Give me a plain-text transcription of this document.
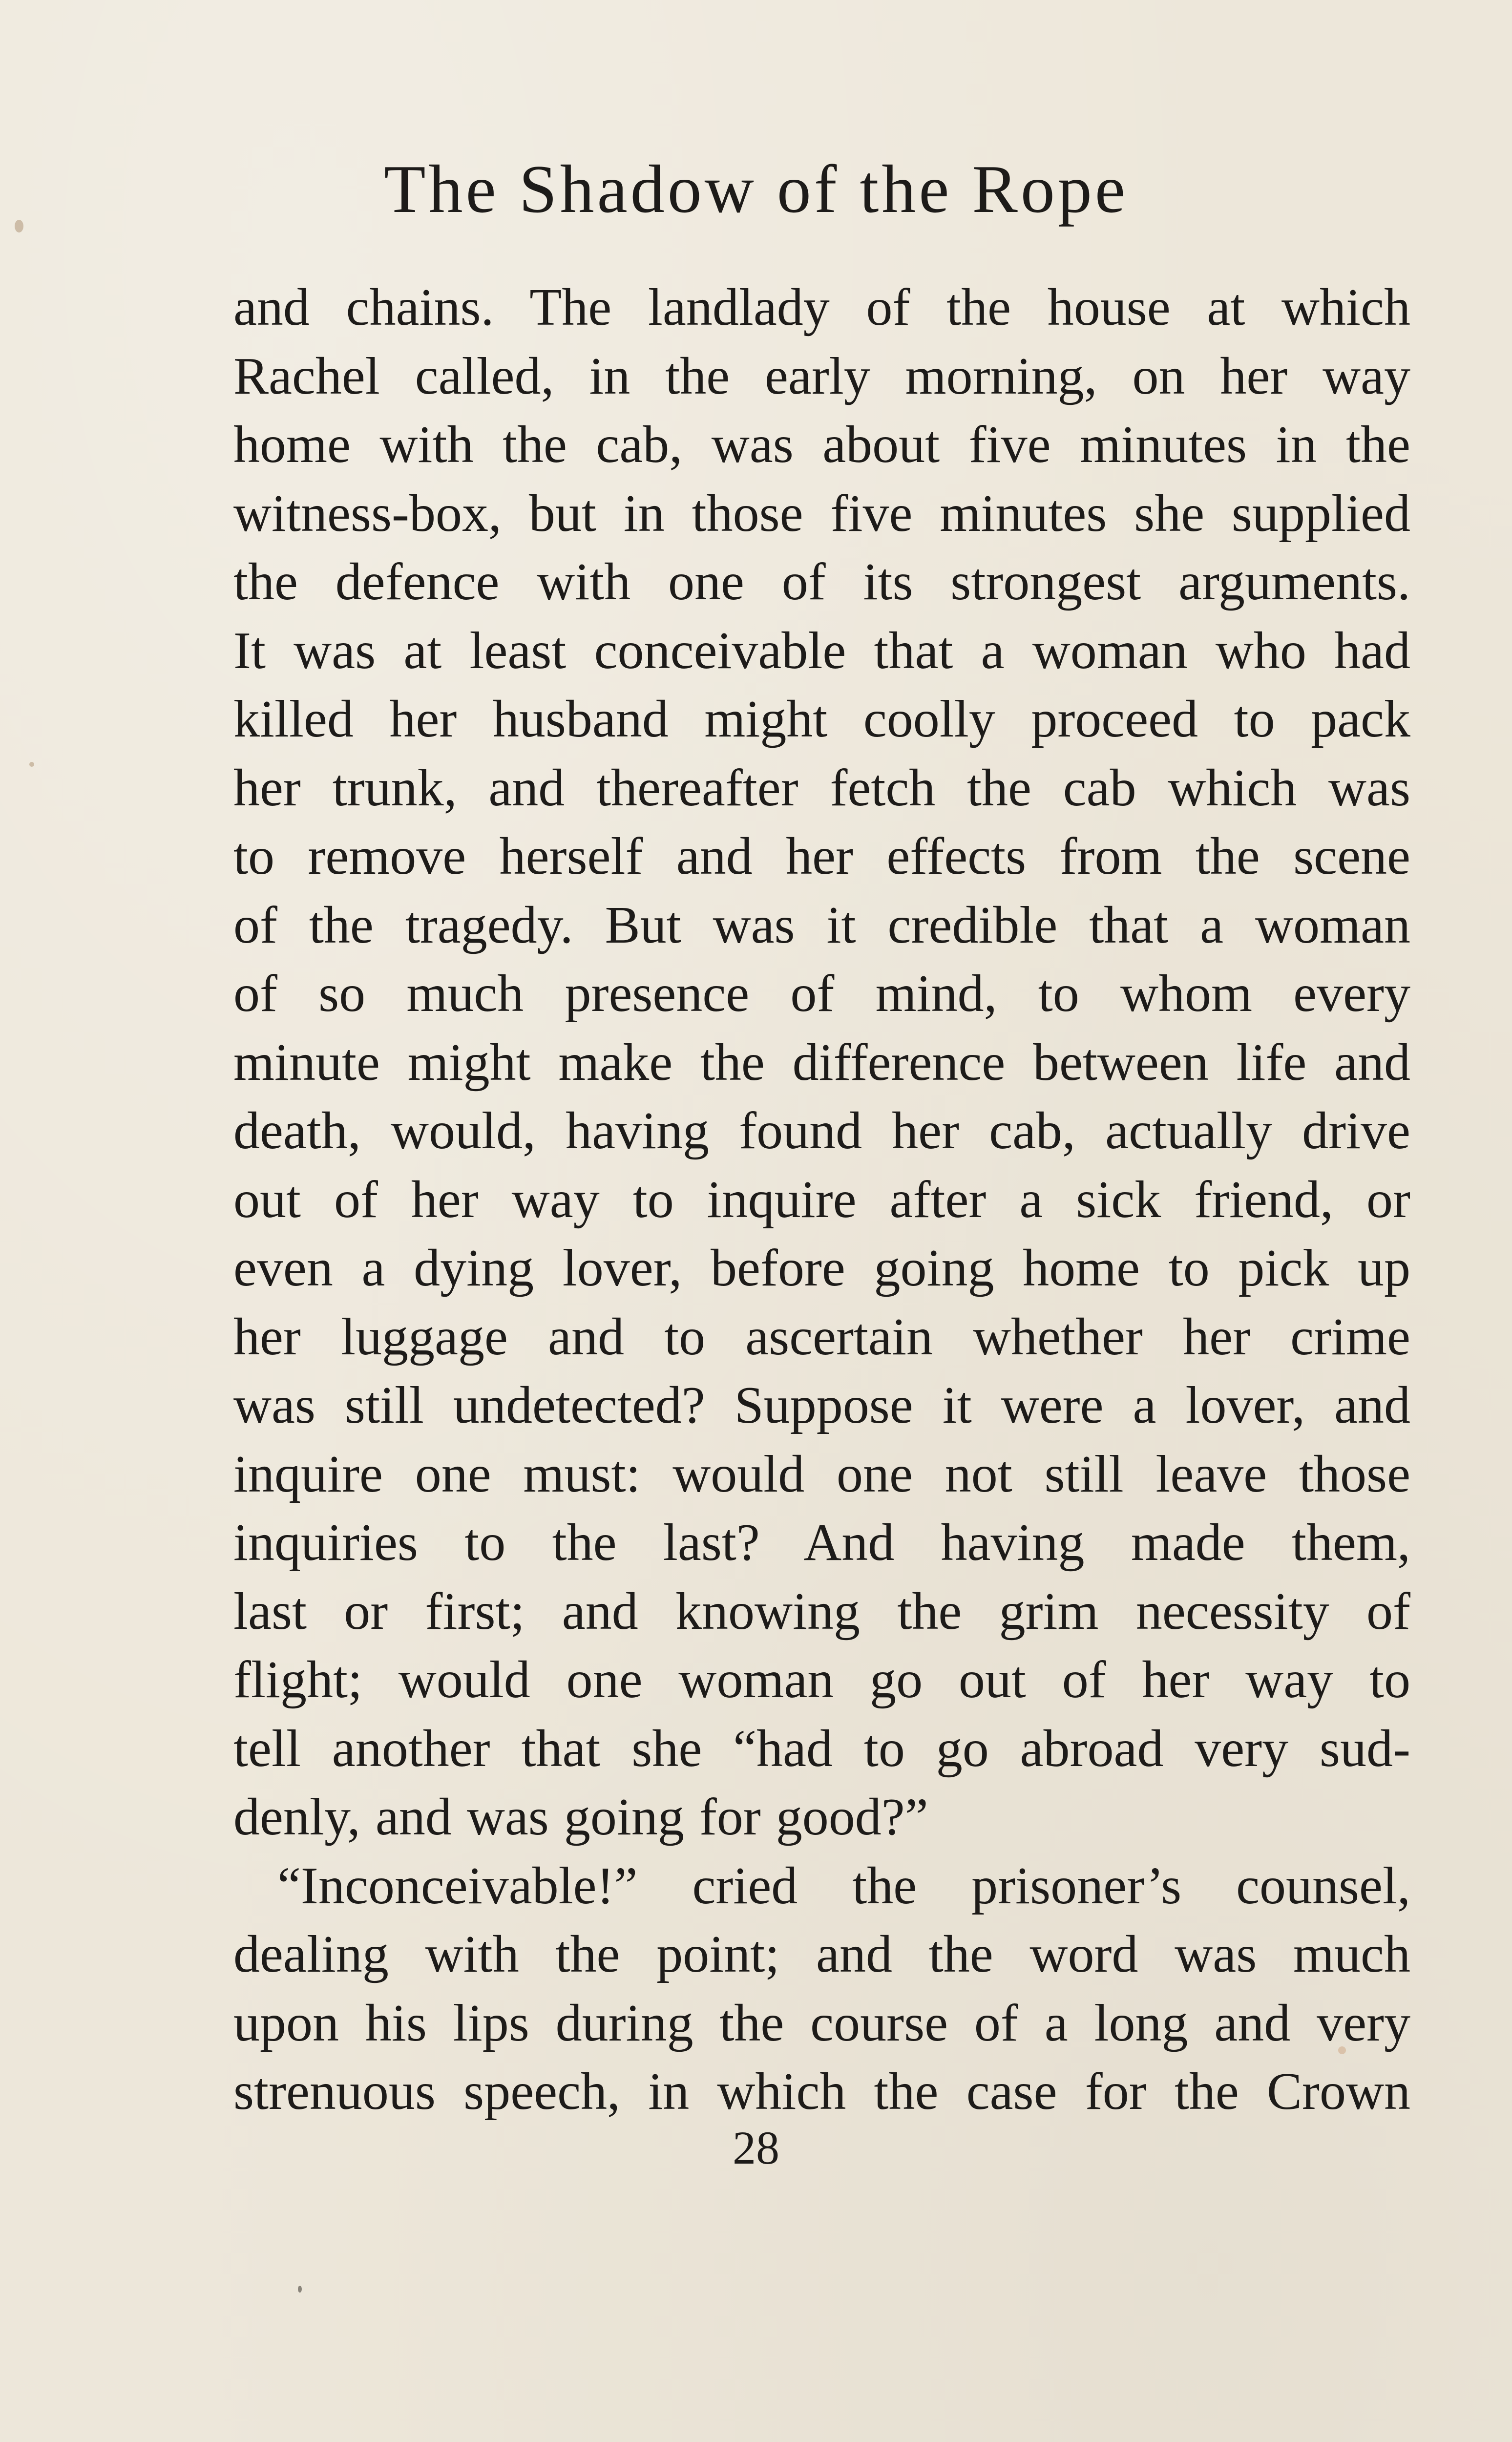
The Shadow of the Rope
and chains. The landlady of the house at which
Rachel called, in the early morning, on her way
home with the cab, was about five minutes in the
witness-box, but in those five minutes she supplied
the defence with one of its strongest arguments.
It was at least conceivable that a woman who had
killed her husband might coolly proceed to pack
her trunk, and thereafter fetch the cab which was
to remove herself and her effects from the scene
of the tragedy. But was it credible that a woman
of so much presence of mind, to whom every
minute might make the difference between life and
death, would, having found her cab, actually drive
out of her way to inquire after a sick friend, or
even a dying lover, before going home to pick up
her luggage and to ascertain whether her crime
was still undetected? Suppose it were a lover, and
inquire one must: would one not still leave those
inquiries to the last? And having made them,
last or first; and knowing the grim necessity of
flight; would one woman go out of her way to
tell another that she “had to go abroad very sud-
denly, and was going for good?”
“Inconceivable!” cried the prisoner’s counsel,
dealing with the point; and the word was much
upon his lips during the course of a long and very
strenuous speech, in which the case for the Crown
28
